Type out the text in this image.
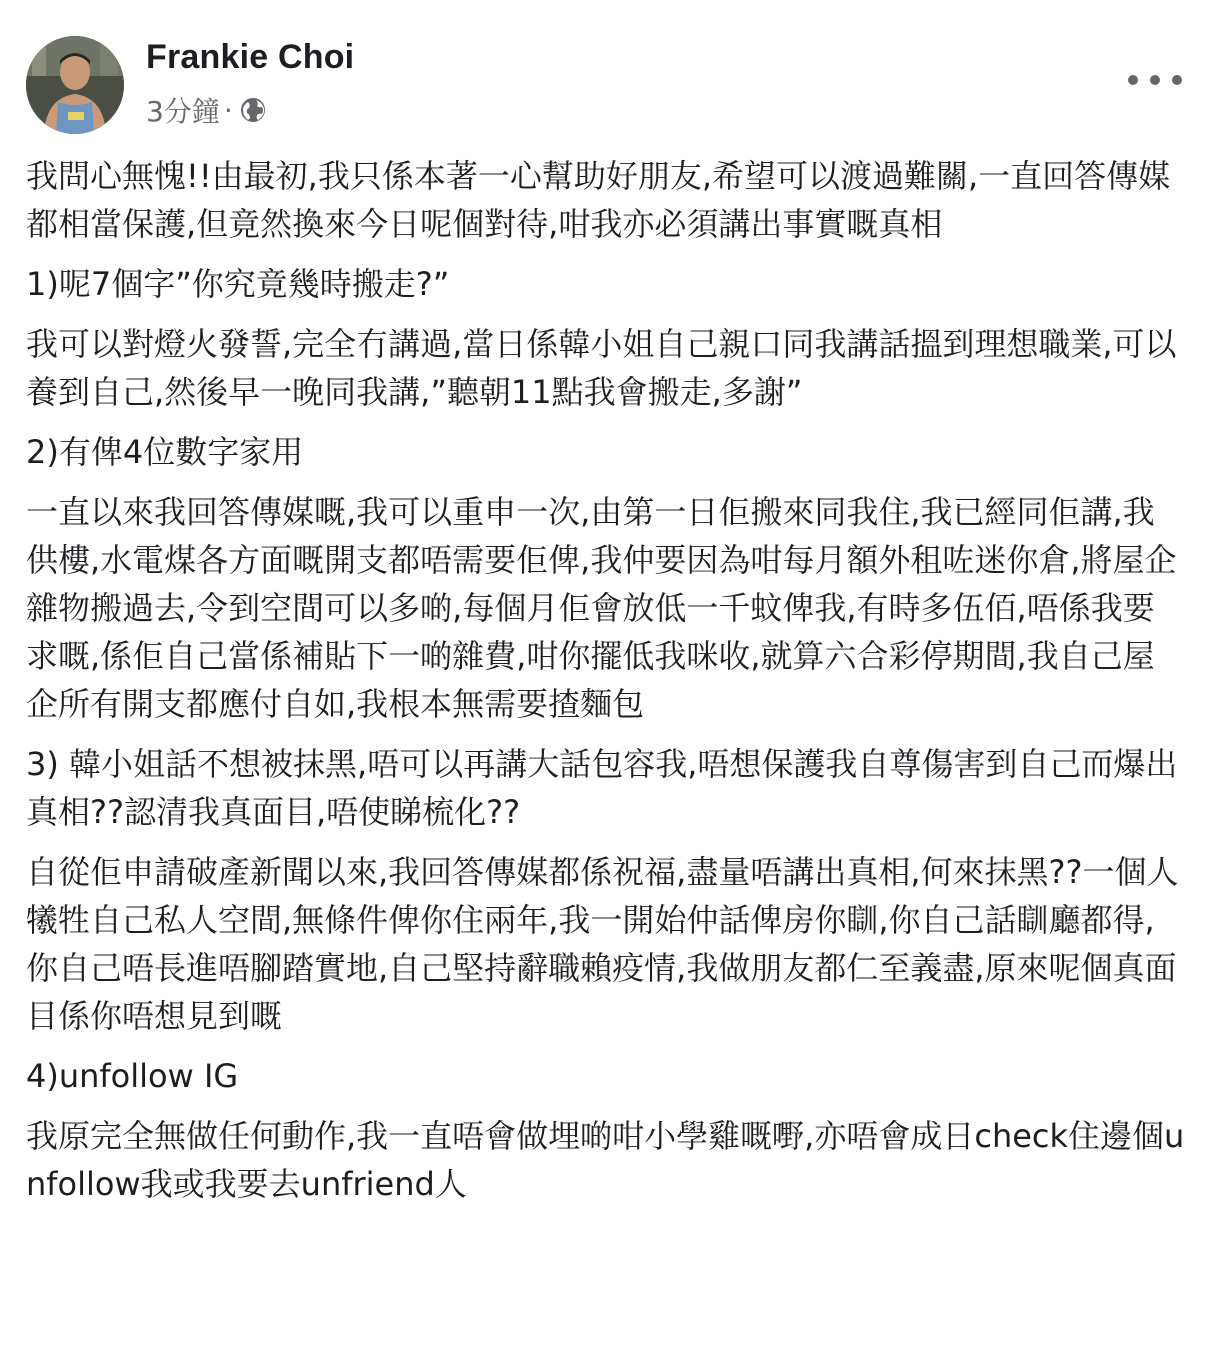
Frankie Choi
3分鐘 ·

我問心無愧!!由最初,我只係本著一心幫助好朋友,希望可以渡過難關,一直回答傳媒都相當保護,但竟然換來今日呢個對待,咁我亦必須講出事實嘅真相

1)呢7個字”你究竟幾時搬走?”

我可以對燈火發誓,完全冇講過,當日係韓小姐自己親口同我講話搵到理想職業,可以養到自己,然後早一晚同我講,”聽朝11點我會搬走,多謝”

2)有俾4位數字家用

一直以來我回答傳媒嘅,我可以重申一次,由第一日佢搬來同我住,我已經同佢講,我供樓,水電煤各方面嘅開支都唔需要佢俾,我仲要因為咁每月額外租咗迷你倉,將屋企雜物搬過去,令到空間可以多啲,每個月佢會放低一千蚊俾我,有時多伍佰,唔係我要求嘅,係佢自己當係補貼下一啲雜費,咁你擺低我咪收,就算六合彩停期間,我自己屋企所有開支都應付自如,我根本無需要揸麵包

3) 韓小姐話不想被抹黑,唔可以再講大話包容我,唔想保護我自尊傷害到自己而爆出真相??認清我真面目,唔使睇梳化??

自從佢申請破產新聞以來,我回答傳媒都係祝福,盡量唔講出真相,何來抹黑??一個人犧牲自己私人空間,無條件俾你住兩年,我一開始仲話俾房你瞓,你自己話瞓廳都得,你自己唔長進唔腳踏實地,自己堅持辭職賴疫情,我做朋友都仁至義盡,原來呢個真面目係你唔想見到嘅

4)unfollow IG

我原完全無做任何動作,我一直唔會做埋啲咁小學雞嘅嘢,亦唔會成日check住邊個unfollow我或我要去unfriend人
